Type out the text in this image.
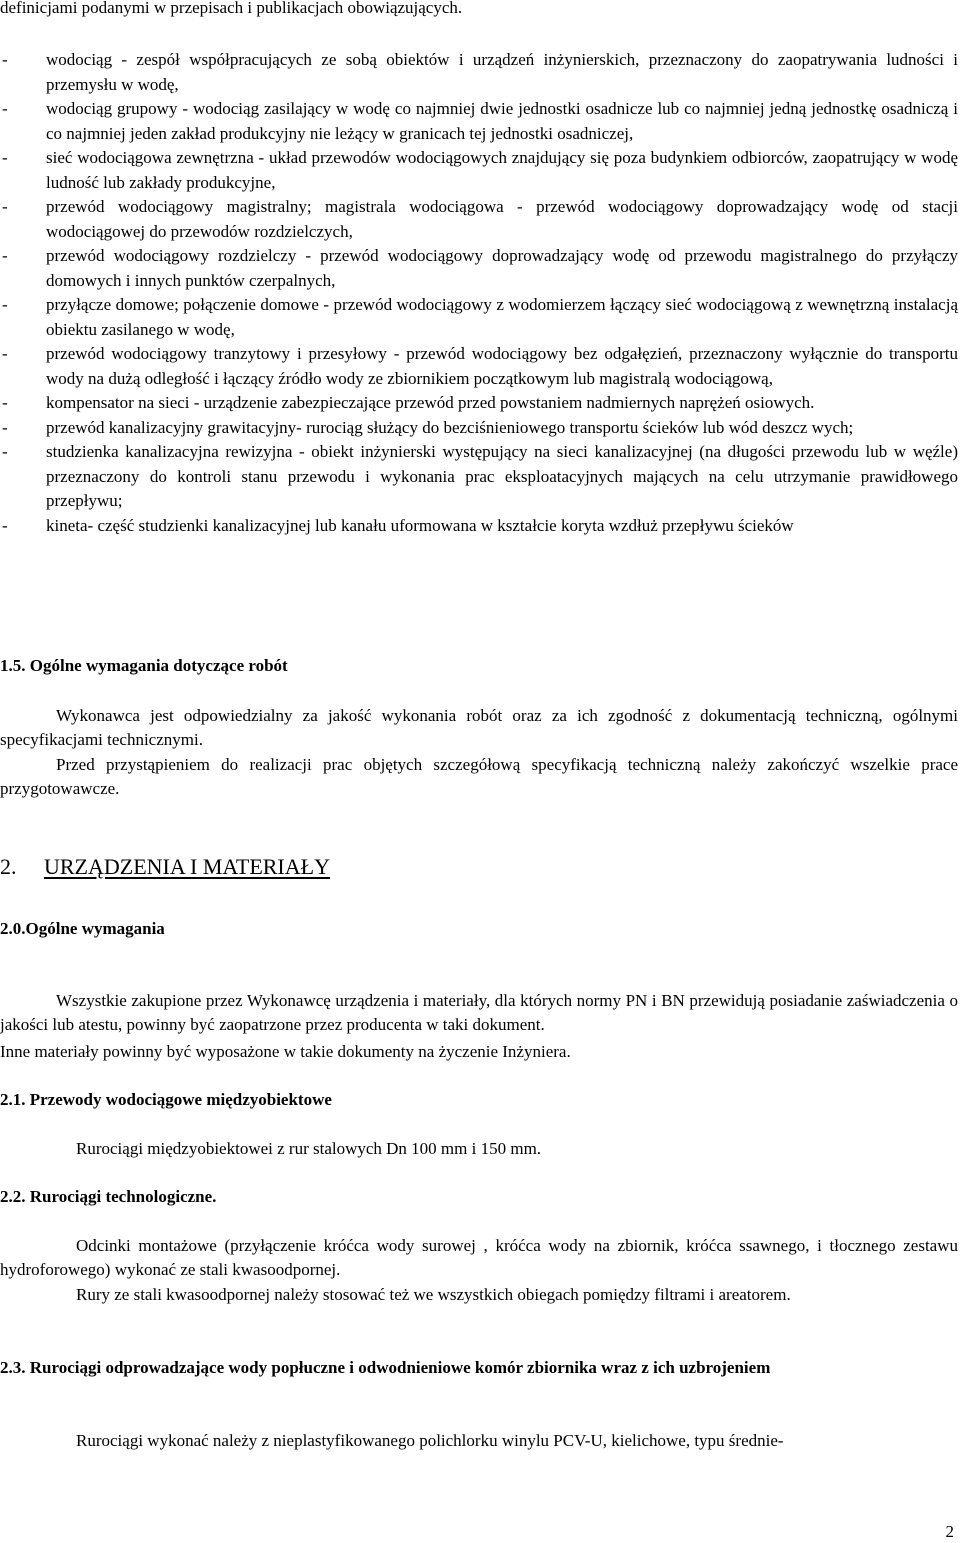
definicjami podanymi w przepisach i publikacjach obowiązujących.

- wodociąg - zespół współpracujących ze sobą obiektów i urządzeń inżynierskich, przeznaczony do zaopatrywania ludności i przemysłu w wodę,
- wodociąg grupowy - wodociąg zasilający w wodę co najmniej dwie jednostki osadnicze lub co najmniej jedną jednostkę osadniczą i co najmniej jeden zakład produkcyjny nie leżący w granicach tej jednostki osadniczej,
- sieć wodociągowa zewnętrzna - układ przewodów wodociągowych znajdujący się poza budynkiem odbiorców, zaopatrujący w wodę ludność lub zakłady produkcyjne,
- przewód wodociągowy magistralny; magistrala wodociągowa - przewód wodociągowy doprowadzający wodę od stacji wodociągowej do przewodów rozdzielczych,
- przewód wodociągowy rozdzielczy - przewód wodociągowy doprowadzający wodę od przewodu magistralnego do przyłączy domowych i innych punktów czerpalnych,
- przyłącze domowe; połączenie domowe - przewód wodociągowy z wodomierzem łączący sieć wodociągową z wewnętrzną instalacją obiektu zasilanego w wodę,
- przewód wodociągowy tranzytowy i przesyłowy - przewód wodociągowy bez odgałęzień, przeznaczony wyłącznie do transportu wody na dużą odległość i łączący źródło wody ze zbiornikiem początkowym lub magistralą wodociągową,
- kompensator na sieci - urządzenie zabezpieczające przewód przed powstaniem nadmiernych naprężeń osiowych.
- przewód kanalizacyjny grawitacyjny- rurociąg służący do bezciśnieniowego transportu ścieków lub wód deszcz wych;
- studzienka kanalizacyjna rewizyjna - obiekt inżynierski występujący na sieci kanalizacyjnej (na długości przewodu lub w węźle) przeznaczony do kontroli stanu przewodu i wykonania prac eksploatacyjnych mających na celu utrzymanie prawidłowego przepływu;
- kineta- część studzienki kanalizacyjnej lub kanału uformowana w kształcie koryta wzdłuż przepływu ścieków

1.5. Ogólne wymagania dotyczące robót

Wykonawca jest odpowiedzialny za jakość wykonania robót oraz za ich zgodność z dokumentacją techniczną, ogólnymi specyfikacjami technicznymi.

Przed przystąpieniem do realizacji prac objętych szczegółową specyfikacją techniczną należy zakończyć wszelkie prace przygotowawcze.

2. URZĄDZENIA I MATERIAŁY

2.0.Ogólne wymagania

Wszystkie zakupione przez Wykonawcę urządzenia i materiały, dla których normy PN i BN przewidują posiadanie zaświadczenia o jakości lub atestu, powinny być zaopatrzone przez producenta w taki dokument.

Inne materiały powinny być wyposażone w takie dokumenty na życzenie Inżyniera.

2.1. Przewody wodociągowe międzyobiektowe

Rurociągi międzyobiektowei z rur stalowych Dn 100 mm i 150 mm.

2.2. Rurociągi technologiczne.

Odcinki montażowe (przyłączenie króćca wody surowej , króćca wody na zbiornik, króćca ssawnego, i tłocznego zestawu hydroforowego) wykonać ze stali kwasoodpornej.

Rury ze stali kwasoodpornej należy stosować też we wszystkich obiegach pomiędzy filtrami i areatorem.

2.3. Rurociągi odprowadzające wody popłuczne i odwodnieniowe komór zbiornika wraz z ich uzbrojeniem

Rurociągi wykonać należy z nieplastyfikowanego polichlorku winylu PCV-U, kielichowe, typu średnie-

2
